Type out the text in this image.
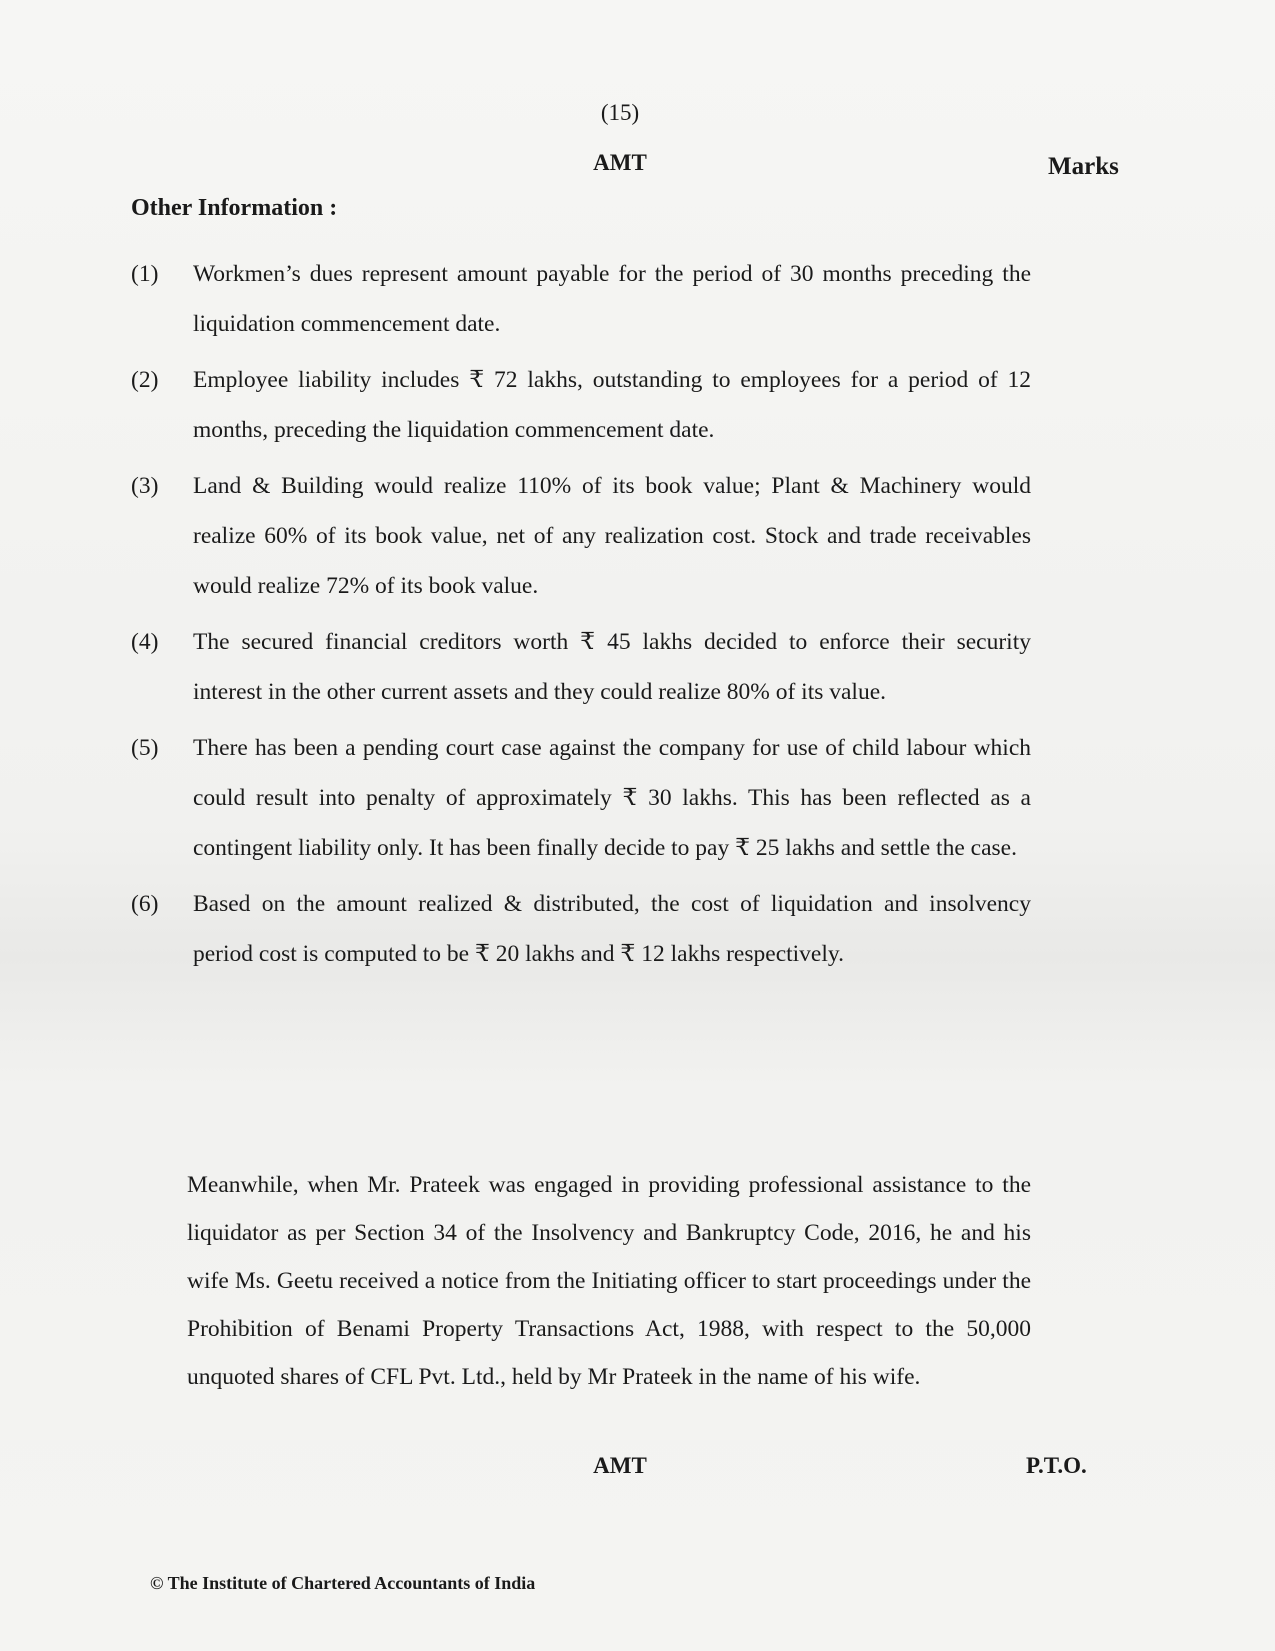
(15)
AMT	Marks
Other Information :
(1)	Workmen’s dues represent amount payable for the period of 30 months preceding the liquidation commencement date.
(2)	Employee liability includes ₹ 72 lakhs, outstanding to employees for a period of 12 months, preceding the liquidation commencement date.
(3)	Land & Building would realize 110% of its book value; Plant & Machinery would realize 60% of its book value, net of any realization cost. Stock and trade receivables would realize 72% of its book value.
(4)	The secured financial creditors worth ₹ 45 lakhs decided to enforce their security interest in the other current assets and they could realize 80% of its value.
(5)	There has been a pending court case against the company for use of child labour which could result into penalty of approximately ₹ 30 lakhs. This has been reflected as a contingent liability only. It has been finally decide to pay ₹ 25 lakhs and settle the case.
(6)	Based on the amount realized & distributed, the cost of liquidation and insolvency period cost is computed to be ₹ 20 lakhs and ₹ 12 lakhs respectively.
Meanwhile, when Mr. Prateek was engaged in providing professional assistance to the liquidator as per Section 34 of the Insolvency and Bankruptcy Code, 2016, he and his wife Ms. Geetu received a notice from the Initiating officer to start proceedings under the Prohibition of Benami Property Transactions Act, 1988, with respect to the 50,000 unquoted shares of CFL Pvt. Ltd., held by Mr Prateek in the name of his wife.
AMT	P.T.O.
© The Institute of Chartered Accountants of India
